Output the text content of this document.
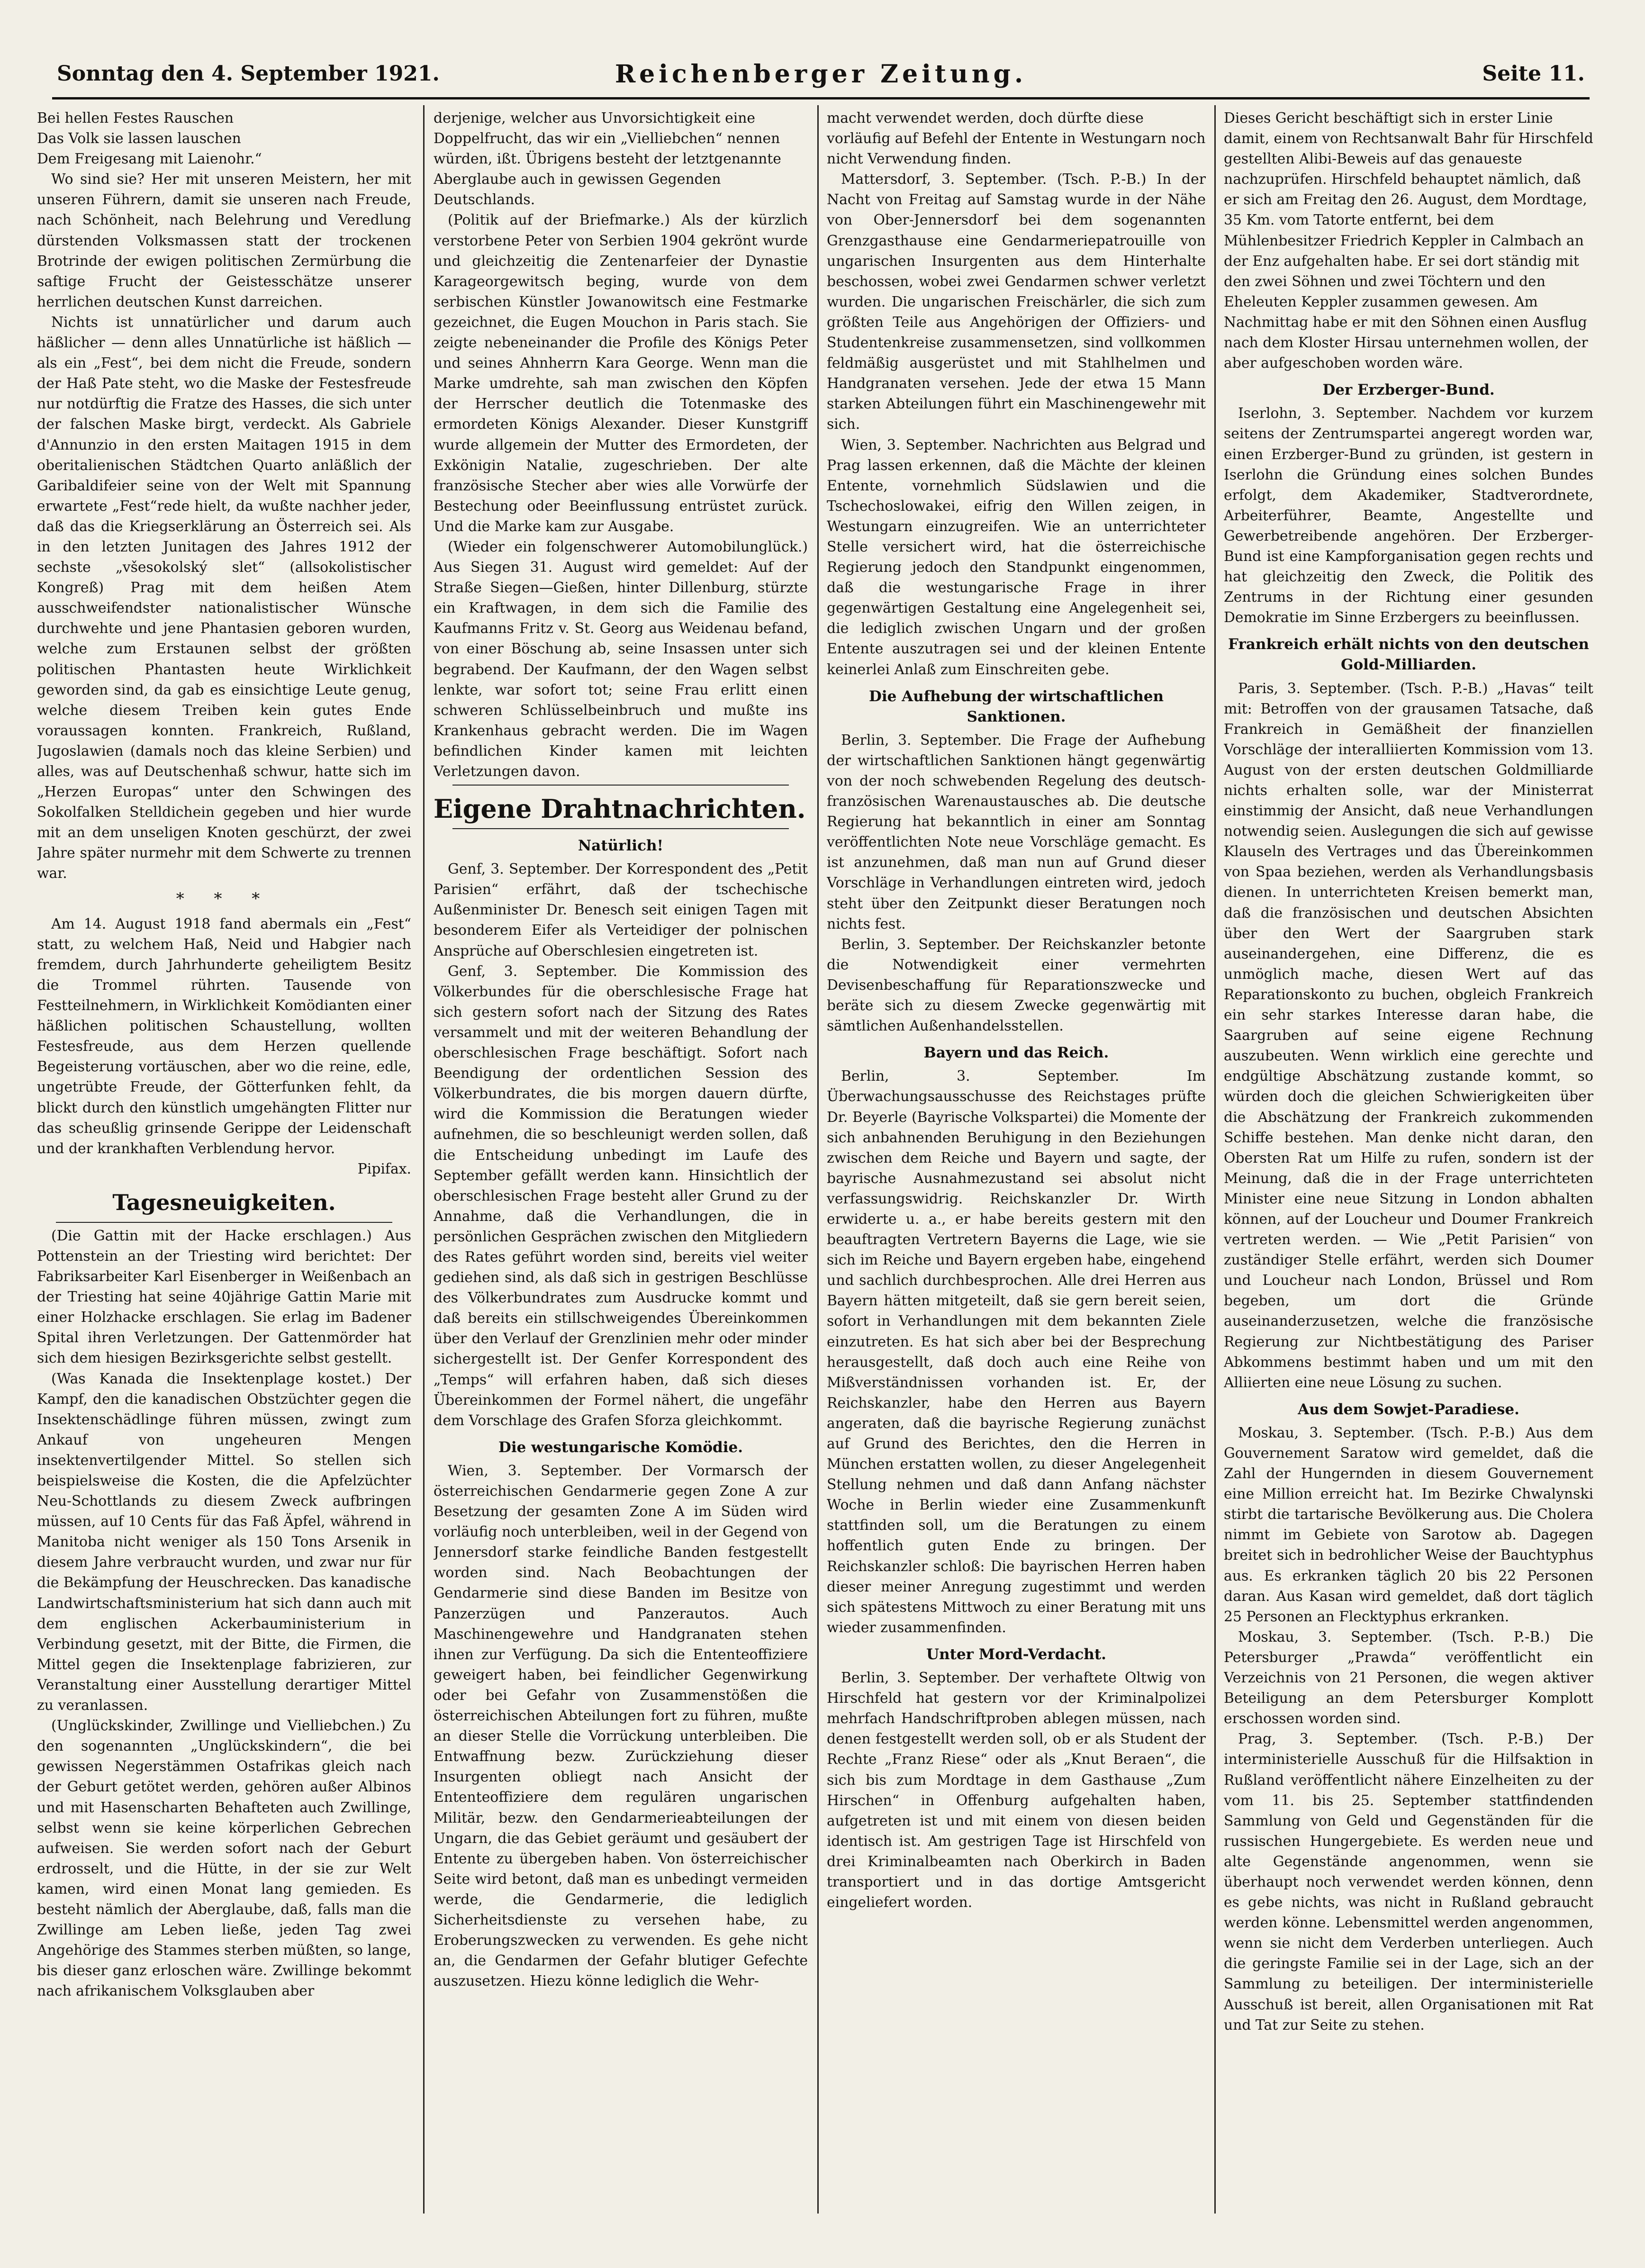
Sonntag den 4. September 1921.	Reichenberger Zeitung.	Seite 11.

Bei hellen Festes Rauschen
Das Volk sie lassen lauschen
Dem Freigesang mit Laienohr.“

Wo sind sie? Her mit unseren Meistern, her mit unseren Führern, damit sie unseren nach Freude, nach Schönheit, nach Belehrung und Veredlung dürstenden Volksmassen statt der trockenen Brotrinde der ewigen politischen Zermürbung die saftige Frucht der Geistesschätze unserer herrlichen deutschen Kunst darreichen.

Nichts ist unnatürlicher und darum auch häßlicher — denn alles Unnatürliche ist häßlich — als ein „Fest“, bei dem nicht die Freude, sondern der Haß Pate steht, wo die Maske der Festesfreude nur notdürftig die Fratze des Hasses, die sich unter der falschen Maske birgt, verdeckt. Als Gabriele d'Annunzio in den ersten Maitagen 1915 in dem oberitalienischen Städtchen Quarto anläßlich der Garibaldifeier seine von der Welt mit Spannung erwartete „Fest“rede hielt, da wußte nachher jeder, daß das die Kriegserklärung an Österreich sei. Als in den letzten Junitagen des Jahres 1912 der sechste „všesokolský slet“ (allsokolistischer Kongreß) Prag mit dem heißen Atem ausschweifendster nationalistischer Wünsche durchwehte und jene Phantasien geboren wurden, welche zum Erstaunen selbst der größten politischen Phantasten heute Wirklichkeit geworden sind, da gab es einsichtige Leute genug, welche diesem Treiben kein gutes Ende voraussagen konnten. Frankreich, Rußland, Jugoslawien (damals noch das kleine Serbien) und alles, was auf Deutschenhaß schwur, hatte sich im „Herzen Europas“ unter den Schwingen des Sokolfalken Stelldichein gegeben und hier wurde mit an dem unseligen Knoten geschürzt, der zwei Jahre später nurmehr mit dem Schwerte zu trennen war.

* * *

Am 14. August 1918 fand abermals ein „Fest“ statt, zu welchem Haß, Neid und Habgier nach fremdem, durch Jahrhunderte geheiligtem Besitz die Trommel rührten. Tausende von Festteilnehmern, in Wirklichkeit Komödianten einer häßlichen politischen Schaustellung, wollten Festesfreude, aus dem Herzen quellende Begeisterung vortäuschen, aber wo die reine, edle, ungetrübte Freude, der Götterfunken fehlt, da blickt durch den künstlich umgehängten Flitter nur das scheußlig grinsende Gerippe der Leidenschaft und der krankhaften Verblendung hervor.

Pipifax.

Tagesneuigkeiten.

(Die Gattin mit der Hacke erschlagen.) Aus Pottenstein an der Triesting wird berichtet: Der Fabriksarbeiter Karl Eisenberger in Weißenbach an der Triesting hat seine 40jährige Gattin Marie mit einer Holzhacke erschlagen. Sie erlag im Badener Spital ihren Verletzungen. Der Gattenmörder hat sich dem hiesigen Bezirksgerichte selbst gestellt.

(Was Kanada die Insektenplage kostet.) Der Kampf, den die kanadischen Obstzüchter gegen die Insektenschädlinge führen müssen, zwingt zum Ankauf von ungeheuren Mengen insektenvertilgender Mittel. So stellen sich beispielsweise die Kosten, die die Apfelzüchter Neu-Schottlands zu diesem Zweck aufbringen müssen, auf 10 Cents für das Faß Äpfel, während in Manitoba nicht weniger als 150 Tons Arsenik in diesem Jahre verbraucht wurden, und zwar nur für die Bekämpfung der Heuschrecken. Das kanadische Landwirtschaftsministerium hat sich dann auch mit dem englischen Ackerbauministerium in Verbindung gesetzt, mit der Bitte, die Firmen, die Mittel gegen die Insektenplage fabrizieren, zur Veranstaltung einer Ausstellung derartiger Mittel zu veranlassen.

(Unglückskinder, Zwillinge und Vielliebchen.) Zu den sogenannten „Unglückskindern“, die bei gewissen Negerstämmen Ostafrikas gleich nach der Geburt getötet werden, gehören außer Albinos und mit Hasenscharten Behafteten auch Zwillinge, selbst wenn sie keine körperlichen Gebrechen aufweisen. Sie werden sofort nach der Geburt erdrosselt, und die Hütte, in der sie zur Welt kamen, wird einen Monat lang gemieden. Es besteht nämlich der Aberglaube, daß, falls man die Zwillinge am Leben ließe, jeden Tag zwei Angehörige des Stammes sterben müßten, so lange, bis dieser ganz erloschen wäre. Zwillinge bekommt nach afrikanischem Volksglauben aber

derjenige, welcher aus Unvorsichtigkeit eine Doppelfrucht, das wir ein „Vielliebchen“ nennen würden, ißt. Übrigens besteht der letztgenannte Aberglaube auch in gewissen Gegenden Deutschlands.

(Politik auf der Briefmarke.) Als der kürzlich verstorbene Peter von Serbien 1904 gekrönt wurde und gleichzeitig die Zentenarfeier der Dynastie Karageorgewitsch beging, wurde von dem serbischen Künstler Jowanowitsch eine Festmarke gezeichnet, die Eugen Mouchon in Paris stach. Sie zeigte nebeneinander die Profile des Königs Peter und seines Ahnherrn Kara George. Wenn man die Marke umdrehte, sah man zwischen den Köpfen der Herrscher deutlich die Totenmaske des ermordeten Königs Alexander. Dieser Kunstgriff wurde allgemein der Mutter des Ermordeten, der Exkönigin Natalie, zugeschrieben. Der alte französische Stecher aber wies alle Vorwürfe der Bestechung oder Beeinflussung entrüstet zurück. Und die Marke kam zur Ausgabe.

(Wieder ein folgenschwerer Automobilunglück.) Aus Siegen 31. August wird gemeldet: Auf der Straße Siegen—Gießen, hinter Dillenburg, stürzte ein Kraftwagen, in dem sich die Familie des Kaufmanns Fritz v. St. Georg aus Weidenau befand, von einer Böschung ab, seine Insassen unter sich begrabend. Der Kaufmann, der den Wagen selbst lenkte, war sofort tot; seine Frau erlitt einen schweren Schlüsselbeinbruch und mußte ins Krankenhaus gebracht werden. Die im Wagen befindlichen Kinder kamen mit leichten Verletzungen davon.

Eigene Drahtnachrichten.
Natürlich!

Genf, 3. September. Der Korrespondent des „Petit Parisien“ erfährt, daß der tschechische Außenminister Dr. Benesch seit einigen Tagen mit besonderem Eifer als Verteidiger der polnischen Ansprüche auf Oberschlesien eingetreten ist.

Genf, 3. September. Die Kommission des Völkerbundes für die oberschlesische Frage hat sich gestern sofort nach der Sitzung des Rates versammelt und mit der weiteren Behandlung der oberschlesischen Frage beschäftigt. Sofort nach Beendigung der ordentlichen Session des Völkerbundrates, die bis morgen dauern dürfte, wird die Kommission die Beratungen wieder aufnehmen, die so beschleunigt werden sollen, daß die Entscheidung unbedingt im Laufe des September gefällt werden kann. Hinsichtlich der oberschlesischen Frage besteht aller Grund zu der Annahme, daß die Verhandlungen, die in persönlichen Gesprächen zwischen den Mitgliedern des Rates geführt worden sind, bereits viel weiter gediehen sind, als daß sich in gestrigen Beschlüsse des Völkerbundrates zum Ausdrucke kommt und daß bereits ein stillschweigendes Übereinkommen über den Verlauf der Grenzlinien mehr oder minder sichergestellt ist. Der Genfer Korrespondent des „Temps“ will erfahren haben, daß sich dieses Übereinkommen der Formel nähert, die ungefähr dem Vorschlage des Grafen Sforza gleichkommt.

Die westungarische Komödie.

Wien, 3. September. Der Vormarsch der österreichischen Gendarmerie gegen Zone A zur Besetzung der gesamten Zone A im Süden wird vorläufig noch unterbleiben, weil in der Gegend von Jennersdorf starke feindliche Banden festgestellt worden sind. Nach Beobachtungen der Gendarmerie sind diese Banden im Besitze von Panzerzügen und Panzerautos. Auch Maschinengewehre und Handgranaten stehen ihnen zur Verfügung. Da sich die Ententeoffiziere geweigert haben, bei feindlicher Gegenwirkung oder bei Gefahr von Zusammenstößen die österreichischen Abteilungen fort zu führen, mußte an dieser Stelle die Vorrückung unterbleiben. Die Entwaffnung bezw. Zurückziehung dieser Insurgenten obliegt nach Ansicht der Ententeoffiziere dem regulären ungarischen Militär, bezw. den Gendarmerieabteilungen der Ungarn, die das Gebiet geräumt und gesäubert der Entente zu übergeben haben. Von österreichischer Seite wird betont, daß man es unbedingt vermeiden werde, die Gendarmerie, die lediglich Sicherheitsdienste zu versehen habe, zu Eroberungszwecken zu verwenden. Es gehe nicht an, die Gendarmen der Gefahr blutiger Gefechte auszusetzen. Hiezu könne lediglich die Wehr-

macht verwendet werden, doch dürfte diese vorläufig auf Befehl der Entente in Westungarn noch nicht Verwendung finden.

Mattersdorf, 3. September. (Tsch. P.-B.) In der Nacht von Freitag auf Samstag wurde in der Nähe von Ober-Jennersdorf bei dem sogenannten Grenzgasthause eine Gendarmeriepatrouille von ungarischen Insurgenten aus dem Hinterhalte beschossen, wobei zwei Gendarmen schwer verletzt wurden. Die ungarischen Freischärler, die sich zum größten Teile aus Angehörigen der Offiziers- und Studentenkreise zusammensetzen, sind vollkommen feldmäßig ausgerüstet und mit Stahlhelmen und Handgranaten versehen. Jede der etwa 15 Mann starken Abteilungen führt ein Maschinengewehr mit sich.

Wien, 3. September. Nachrichten aus Belgrad und Prag lassen erkennen, daß die Mächte der kleinen Entente, vornehmlich Südslawien und die Tschechoslowakei, eifrig den Willen zeigen, in Westungarn einzugreifen. Wie an unterrichteter Stelle versichert wird, hat die österreichische Regierung jedoch den Standpunkt eingenommen, daß die westungarische Frage in ihrer gegenwärtigen Gestaltung eine Angelegenheit sei, die lediglich zwischen Ungarn und der großen Entente auszutragen sei und der kleinen Entente keinerlei Anlaß zum Einschreiten gebe.

Die Aufhebung der wirtschaftlichen Sanktionen.

Berlin, 3. September. Die Frage der Aufhebung der wirtschaftlichen Sanktionen hängt gegenwärtig von der noch schwebenden Regelung des deutsch-französischen Warenaustausches ab. Die deutsche Regierung hat bekanntlich in einer am Sonntag veröffentlichten Note neue Vorschläge gemacht. Es ist anzunehmen, daß man nun auf Grund dieser Vorschläge in Verhandlungen eintreten wird, jedoch steht über den Zeitpunkt dieser Beratungen noch nichts fest.

Berlin, 3. September. Der Reichskanzler betonte die Notwendigkeit einer vermehrten Devisenbeschaffung für Reparationszwecke und beräte sich zu diesem Zwecke gegenwärtig mit sämtlichen Außenhandelsstellen.

Bayern und das Reich.

Berlin, 3. September. Im Überwachungsausschusse des Reichstages prüfte Dr. Beyerle (Bayrische Volkspartei) die Momente der sich anbahnenden Beruhigung in den Beziehungen zwischen dem Reiche und Bayern und sagte, der bayrische Ausnahmezustand sei absolut nicht verfassungswidrig. Reichskanzler Dr. Wirth erwiderte u. a., er habe bereits gestern mit den beauftragten Vertretern Bayerns die Lage, wie sie sich im Reiche und Bayern ergeben habe, eingehend und sachlich durchbesprochen. Alle drei Herren aus Bayern hätten mitgeteilt, daß sie gern bereit seien, sofort in Verhandlungen mit dem bekannten Ziele einzutreten. Es hat sich aber bei der Besprechung herausgestellt, daß doch auch eine Reihe von Mißverständnissen vorhanden ist. Er, der Reichskanzler, habe den Herren aus Bayern angeraten, daß die bayrische Regierung zunächst auf Grund des Berichtes, den die Herren in München erstatten wollen, zu dieser Angelegenheit Stellung nehmen und daß dann Anfang nächster Woche in Berlin wieder eine Zusammenkunft stattfinden soll, um die Beratungen zu einem hoffentlich guten Ende zu bringen. Der Reichskanzler schloß: Die bayrischen Herren haben dieser meiner Anregung zugestimmt und werden sich spätestens Mittwoch zu einer Beratung mit uns wieder zusammenfinden.

Unter Mord-Verdacht.

Berlin, 3. September. Der verhaftete Oltwig von Hirschfeld hat gestern vor der Kriminalpolizei mehrfach Handschriftproben ablegen müssen, nach denen festgestellt werden soll, ob er als Student der Rechte „Franz Riese“ oder als „Knut Beraen“, die sich bis zum Mordtage in dem Gasthause „Zum Hirschen“ in Offenburg aufgehalten haben, aufgetreten ist und mit einem von diesen beiden identisch ist. Am gestrigen Tage ist Hirschfeld von drei Kriminalbeamten nach Oberkirch in Baden transportiert und in das dortige Amtsgericht eingeliefert worden.

Dieses Gericht beschäftigt sich in erster Linie damit, einem von Rechtsanwalt Bahr für Hirschfeld gestellten Alibi-Beweis auf das genaueste nachzuprüfen. Hirschfeld behauptet nämlich, daß er sich am Freitag den 26. August, dem Mordtage, 35 Km. vom Tatorte entfernt, bei dem Mühlenbesitzer Friedrich Keppler in Calmbach an der Enz aufgehalten habe. Er sei dort ständig mit den zwei Söhnen und zwei Töchtern und den Eheleuten Keppler zusammen gewesen. Am Nachmittag habe er mit den Söhnen einen Ausflug nach dem Kloster Hirsau unternehmen wollen, der aber aufgeschoben worden wäre.

Der Erzberger-Bund.

Iserlohn, 3. September. Nachdem vor kurzem seitens der Zentrumspartei angeregt worden war, einen Erzberger-Bund zu gründen, ist gestern in Iserlohn die Gründung eines solchen Bundes erfolgt, dem Akademiker, Stadtverordnete, Arbeiterführer, Beamte, Angestellte und Gewerbetreibende angehören. Der Erzberger-Bund ist eine Kampforganisation gegen rechts und hat gleichzeitig den Zweck, die Politik des Zentrums in der Richtung einer gesunden Demokratie im Sinne Erzbergers zu beeinflussen.

Frankreich erhält nichts von den deutschen Gold-Milliarden.

Paris, 3. September. (Tsch. P.-B.) „Havas“ teilt mit: Betroffen von der grausamen Tatsache, daß Frankreich in Gemäßheit der finanziellen Vorschläge der interalliierten Kommission vom 13. August von der ersten deutschen Goldmilliarde nichts erhalten solle, war der Ministerrat einstimmig der Ansicht, daß neue Verhandlungen notwendig seien. Auslegungen die sich auf gewisse Klauseln des Vertrages und das Übereinkommen von Spaa beziehen, werden als Verhandlungsbasis dienen. In unterrichteten Kreisen bemerkt man, daß die französischen und deutschen Absichten über den Wert der Saargruben stark auseinandergehen, eine Differenz, die es unmöglich mache, diesen Wert auf das Reparationskonto zu buchen, obgleich Frankreich ein sehr starkes Interesse daran habe, die Saargruben auf seine eigene Rechnung auszubeuten. Wenn wirklich eine gerechte und endgültige Abschätzung zustande kommt, so würden doch die gleichen Schwierigkeiten über die Abschätzung der Frankreich zukommenden Schiffe bestehen. Man denke nicht daran, den Obersten Rat um Hilfe zu rufen, sondern ist der Meinung, daß die in der Frage unterrichteten Minister eine neue Sitzung in London abhalten können, auf der Loucheur und Doumer Frankreich vertreten werden. — Wie „Petit Parisien“ von zuständiger Stelle erfährt, werden sich Doumer und Loucheur nach London, Brüssel und Rom begeben, um dort die Gründe auseinanderzusetzen, welche die französische Regierung zur Nichtbestätigung des Pariser Abkommens bestimmt haben und um mit den Alliierten eine neue Lösung zu suchen.

Aus dem Sowjet-Paradiese.

Moskau, 3. September. (Tsch. P.-B.) Aus dem Gouvernement Saratow wird gemeldet, daß die Zahl der Hungernden in diesem Gouvernement eine Million erreicht hat. Im Bezirke Chwalynski stirbt die tartarische Bevölkerung aus. Die Cholera nimmt im Gebiete von Sarotow ab. Dagegen breitet sich in bedrohlicher Weise der Bauchtyphus aus. Es erkranken täglich 20 bis 22 Personen daran. Aus Kasan wird gemeldet, daß dort täglich 25 Personen an Flecktyphus erkranken.

Moskau, 3. September. (Tsch. P.-B.) Die Petersburger „Prawda“ veröffentlicht ein Verzeichnis von 21 Personen, die wegen aktiver Beteiligung an dem Petersburger Komplott erschossen worden sind.

Prag, 3. September. (Tsch. P.-B.) Der interministerielle Ausschuß für die Hilfsaktion in Rußland veröffentlicht nähere Einzelheiten zu der vom 11. bis 25. September stattfindenden Sammlung von Geld und Gegenständen für die russischen Hungergebiete. Es werden neue und alte Gegenstände angenommen, wenn sie überhaupt noch verwendet werden können, denn es gebe nichts, was nicht in Rußland gebraucht werden könne. Lebensmittel werden angenommen, wenn sie nicht dem Verderben unterliegen. Auch die geringste Familie sei in der Lage, sich an der Sammlung zu beteiligen. Der interministerielle Ausschuß ist bereit, allen Organisationen mit Rat und Tat zur Seite zu stehen.
